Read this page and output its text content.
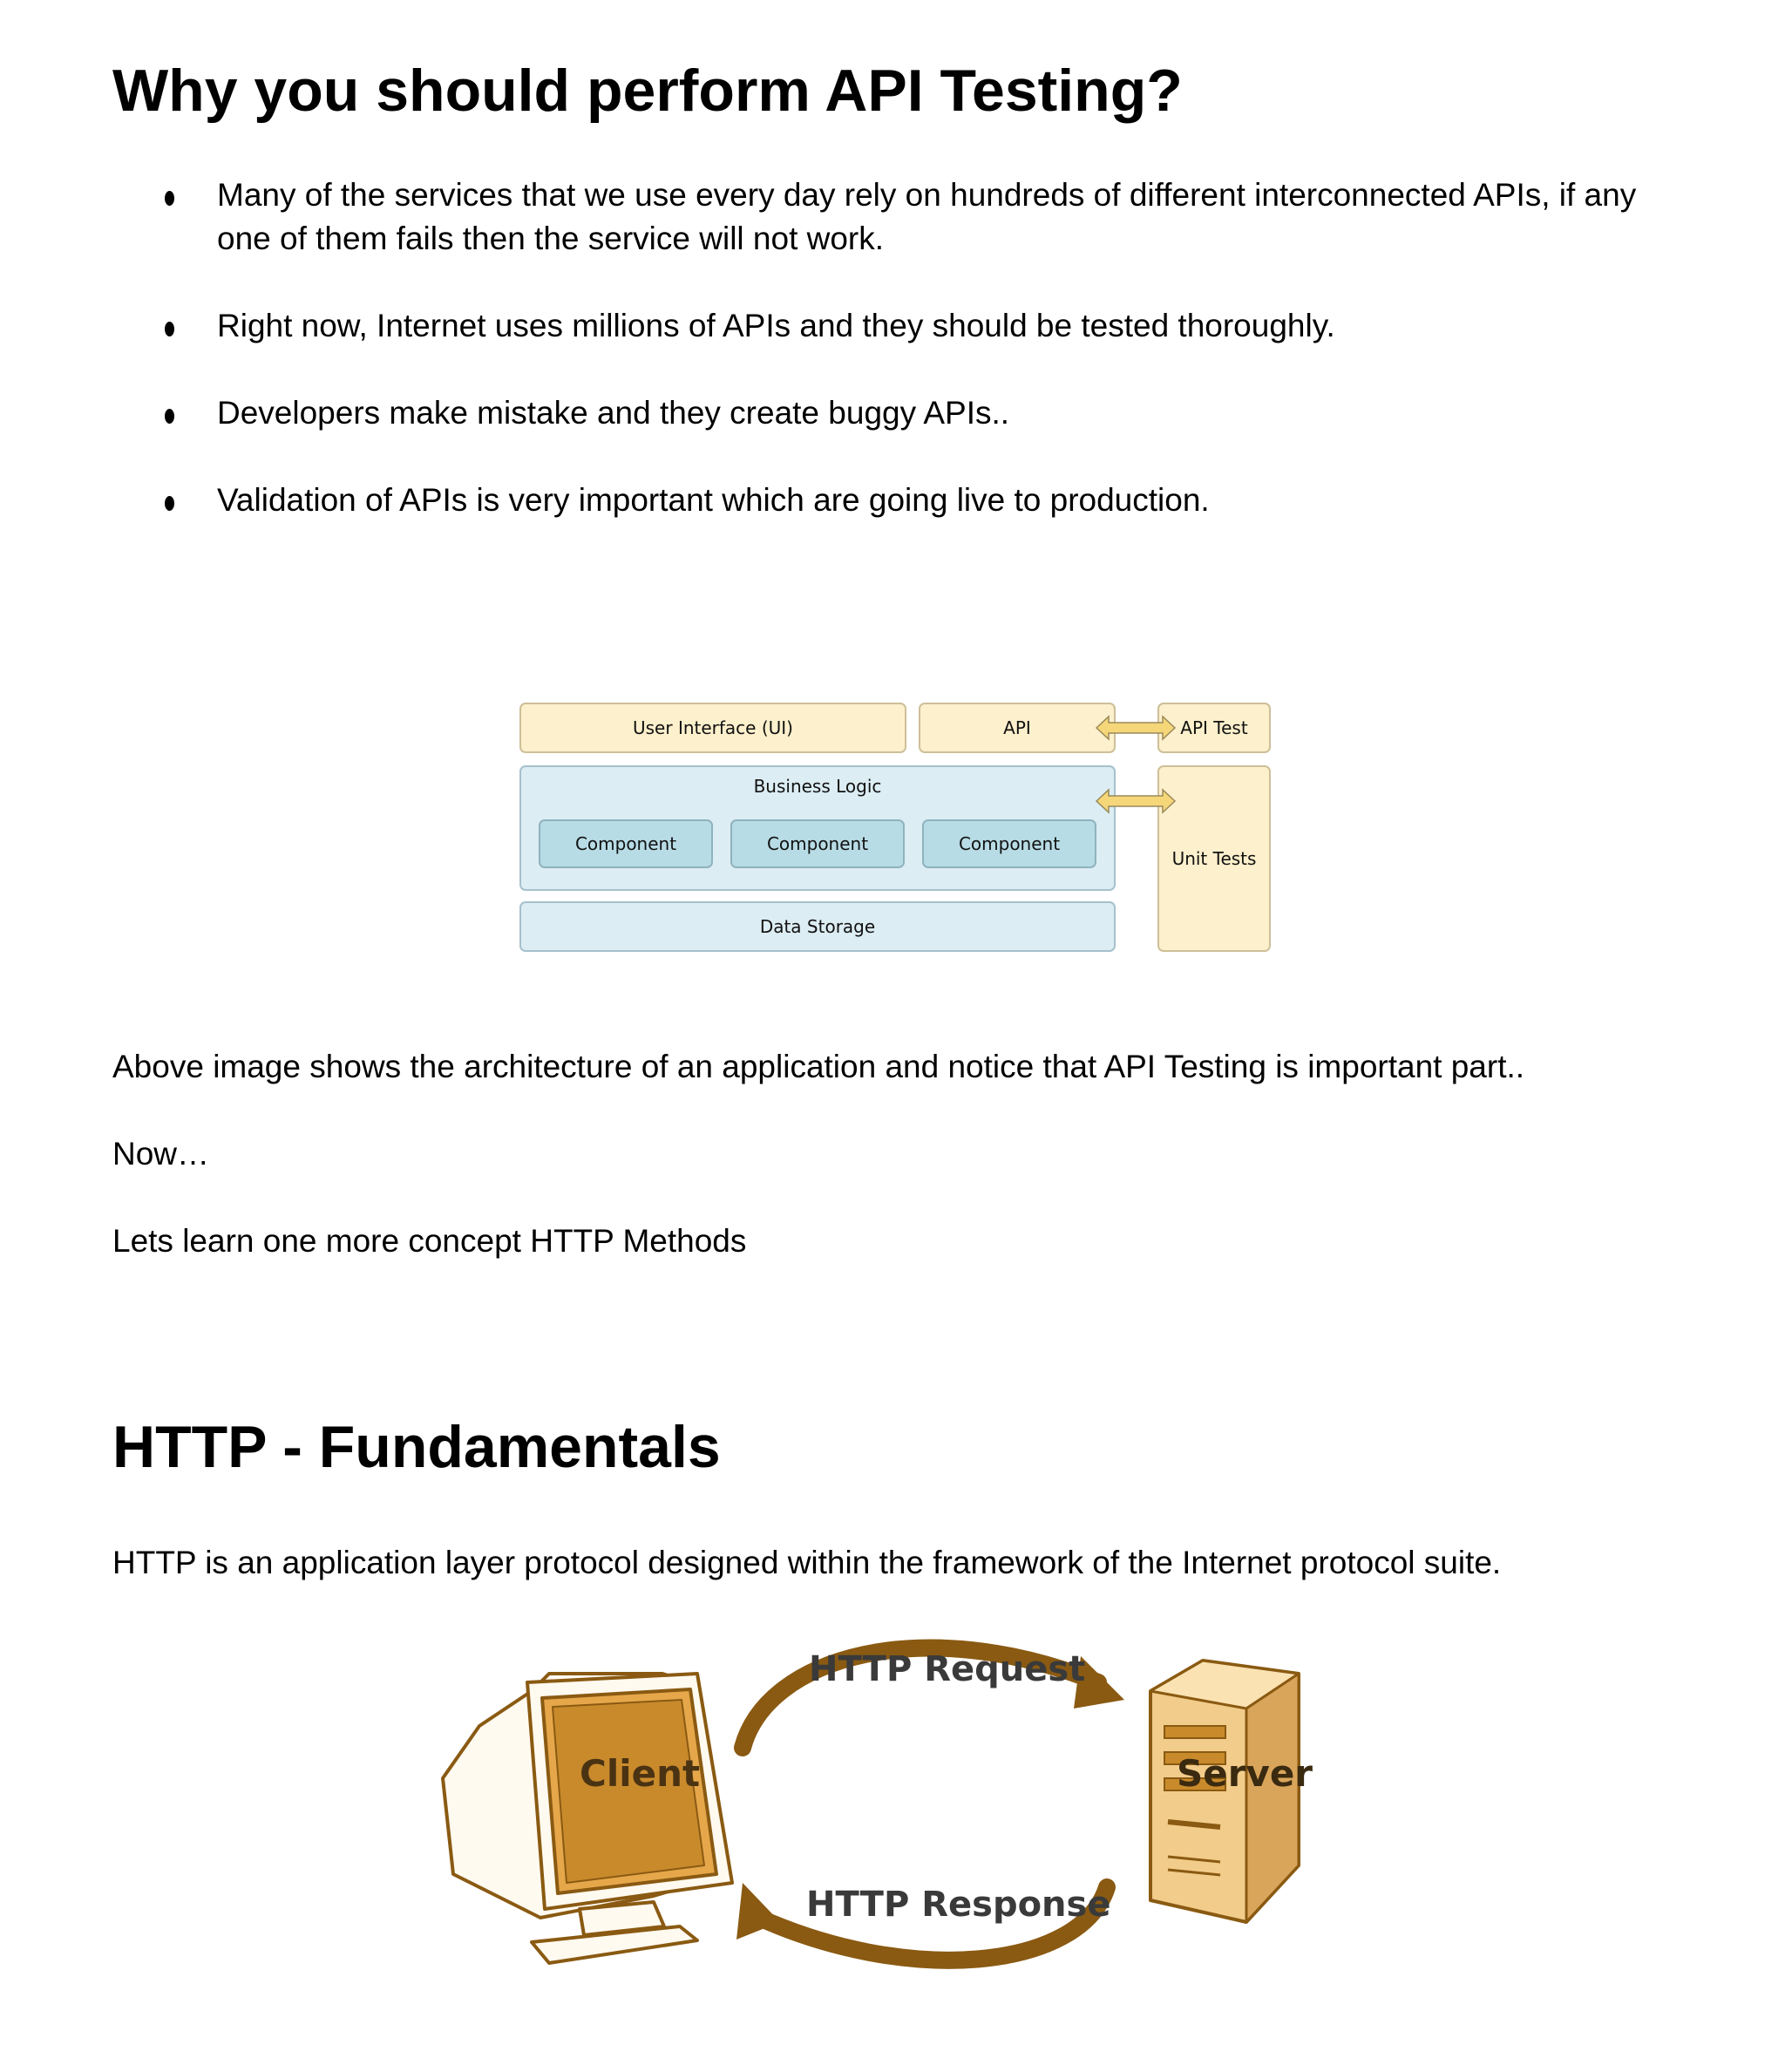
Why you should perform API Testing?
Many of the services that we use every day rely on hundreds of different interconnected APIs, if any one of them fails then the service will not work.
Right now, Internet uses millions of APIs and they should be tested thoroughly.
Developers make mistake and they create buggy APIs..
Validation of APIs is very important which are going live to production.
User Interface (UI)	API	API Test
Business Logic
Component	Component	Component
Data Storage
Unit Tests
Above image shows the architecture of an application and notice that API Testing is important part..
Now…
Lets learn one more concept HTTP Methods
HTTP - Fundamentals
HTTP is an application layer protocol designed within the framework of the Internet protocol suite.
Client	Server
HTTP Request
HTTP Response
